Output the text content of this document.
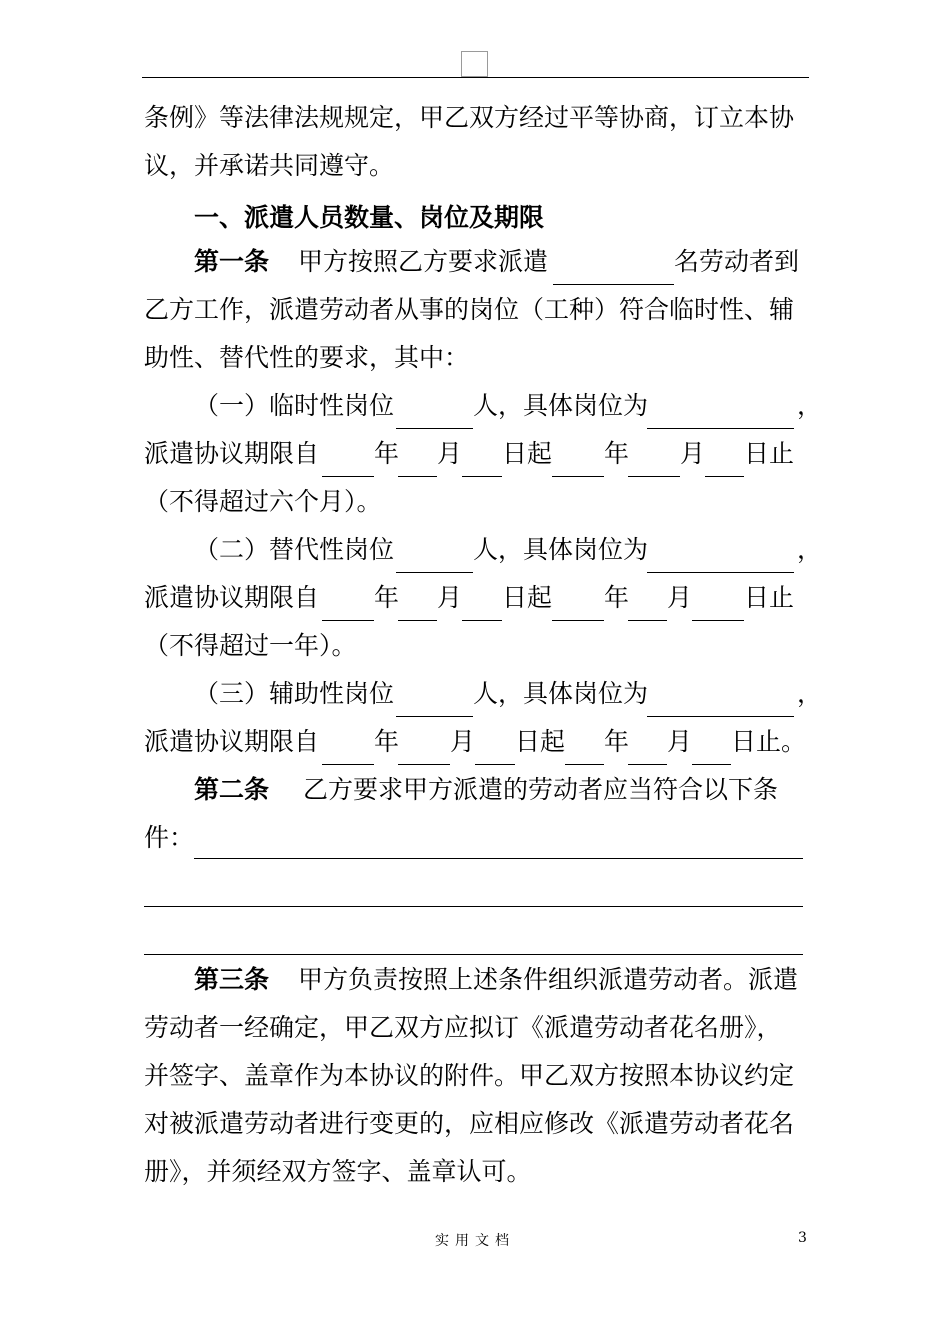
条例》等法律法规规定，甲乙双方经过平等协商，订立本协
议，并承诺共同遵守。
一、派遣人员数量、岗位及期限
第一条 甲方按照乙方要求派遣	名劳动者到
乙方工作，派遣劳动者从事的岗位（工种）符合临时性、辅
助性、替代性的要求，其中：
（一）临时性岗位	人，具体岗位为	，
派遣协议期限自 年 月 日起 年 月 日止
（不得超过六个月）。
（二）替代性岗位	人，具体岗位为	，
派遣协议期限自 年 月 日起 年 月 日止
（不得超过一年）。
（三）辅助性岗位	人，具体岗位为	，
派遣协议期限自 年 月 日起 年 月 日止。
第二条 乙方要求甲方派遣的劳动者应当符合以下条
件：
第三条 甲方负责按照上述条件组织派遣劳动者。派遣
劳动者一经确定，甲乙双方应拟订《派遣劳动者花名册》，
并签字、盖章作为本协议的附件。甲乙双方按照本协议约定
对被派遣劳动者进行变更的，应相应修改《派遣劳动者花名
册》，并须经双方签字、盖章认可。
实用文档	3
